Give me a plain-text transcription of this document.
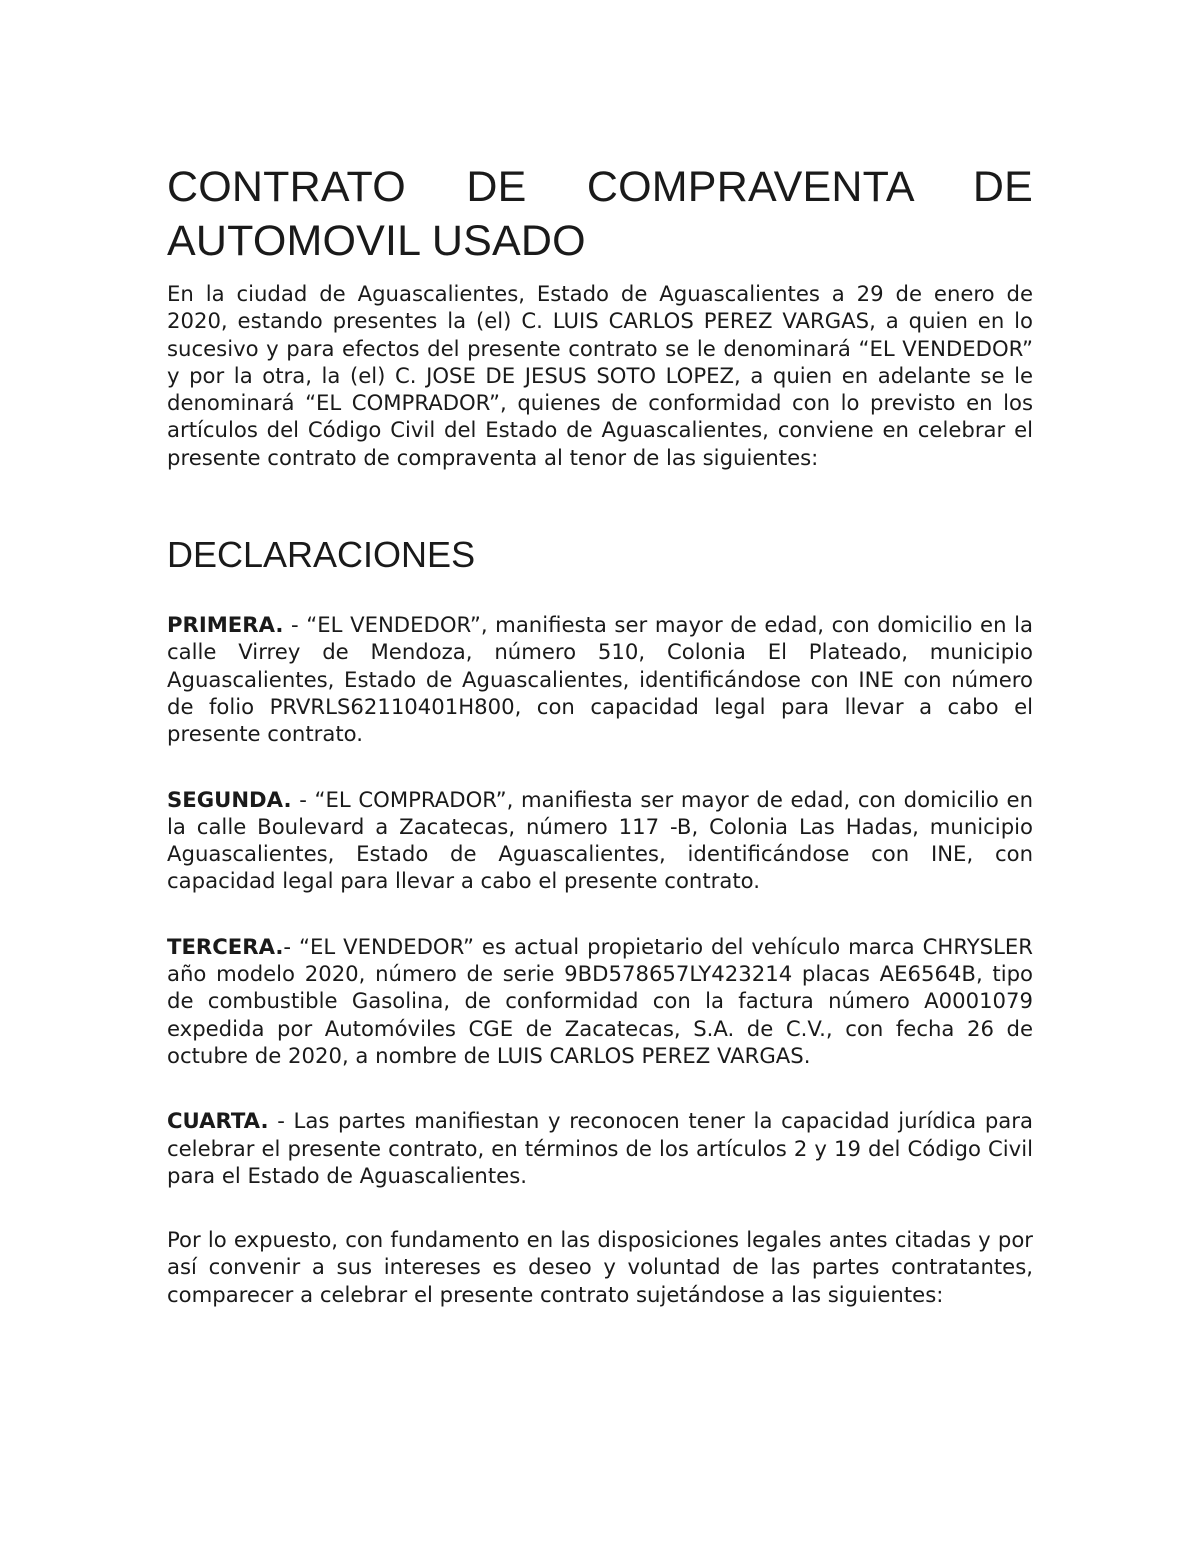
CONTRATO DE COMPRAVENTA DE AUTOMOVIL USADO

En la ciudad de Aguascalientes, Estado de Aguascalientes a 29 de enero de 2020, estando presentes la (el) C. LUIS CARLOS PEREZ VARGAS, a quien en lo sucesivo y para efectos del presente contrato se le denominará “EL VENDEDOR” y por la otra, la (el) C. JOSE DE JESUS SOTO LOPEZ, a quien en adelante se le denominará “EL COMPRADOR”, quienes de conformidad con lo previsto en los artículos del Código Civil del Estado de Aguascalientes, conviene en celebrar el presente contrato de compraventa al tenor de las siguientes:

DECLARACIONES

PRIMERA. - “EL VENDEDOR”, manifiesta ser mayor de edad, con domicilio en la calle Virrey de Mendoza, número 510, Colonia El Plateado, municipio Aguascalientes, Estado de Aguascalientes, identificándose con INE con número de folio PRVRLS62110401H800, con capacidad legal para llevar a cabo el presente contrato.

SEGUNDA. - “EL COMPRADOR”, manifiesta ser mayor de edad, con domicilio en la calle Boulevard a Zacatecas, número 117 -B, Colonia Las Hadas, municipio Aguascalientes, Estado de Aguascalientes, identificándose con INE, con capacidad legal para llevar a cabo el presente contrato.

TERCERA.- “EL VENDEDOR” es actual propietario del vehículo marca CHRYSLER año modelo 2020, número de serie 9BD578657LY423214 placas AE6564B, tipo de combustible Gasolina, de conformidad con la factura número A0001079 expedida por Automóviles CGE de Zacatecas, S.A. de C.V., con fecha 26 de octubre de 2020, a nombre de LUIS CARLOS PEREZ VARGAS.

CUARTA. - Las partes manifiestan y reconocen tener la capacidad jurídica para celebrar el presente contrato, en términos de los artículos 2 y 19 del Código Civil para el Estado de Aguascalientes.

Por lo expuesto, con fundamento en las disposiciones legales antes citadas y por así convenir a sus intereses es deseo y voluntad de las partes contratantes, comparecer a celebrar el presente contrato sujetándose a las siguientes:
